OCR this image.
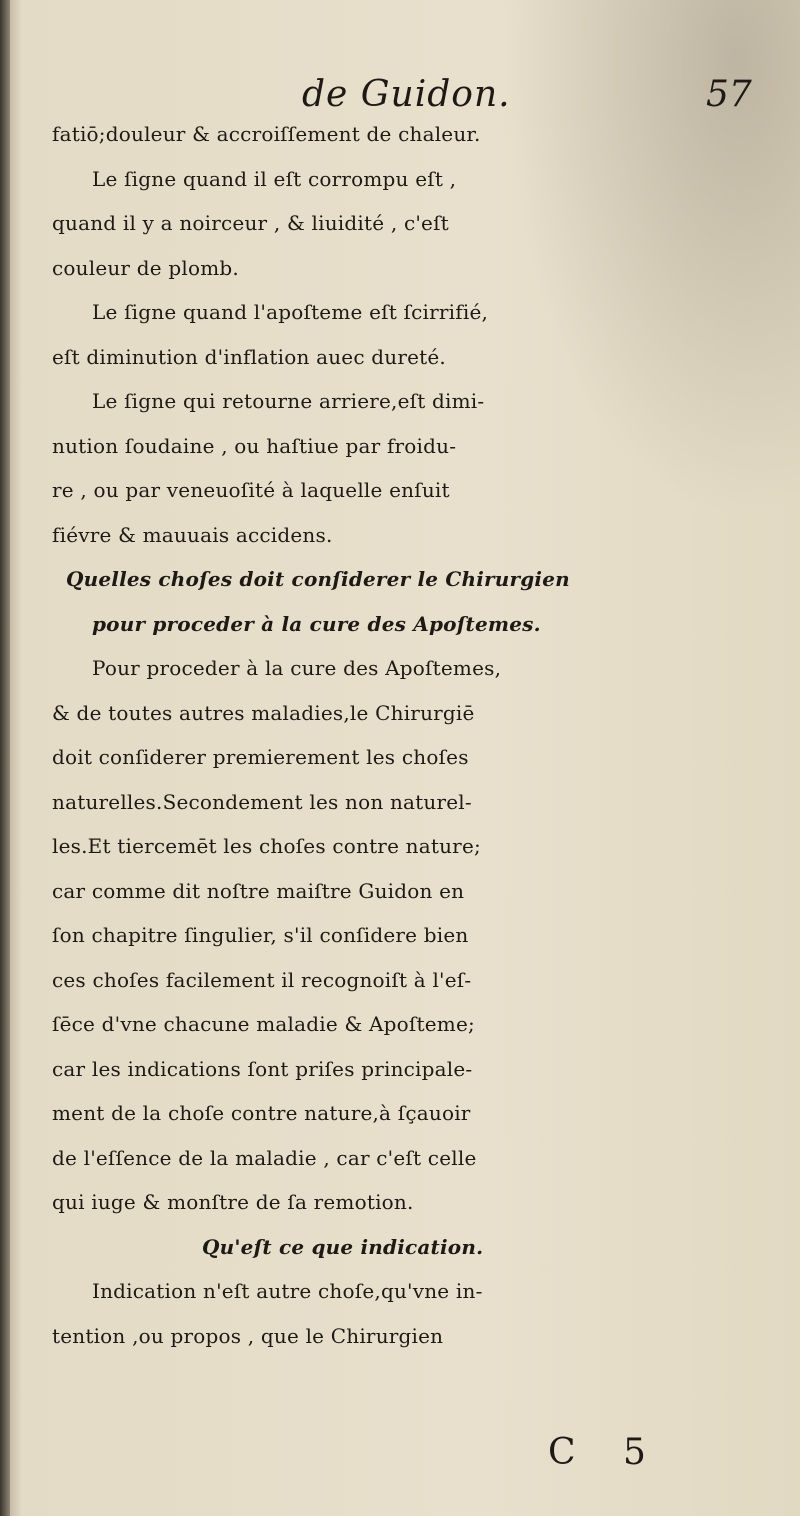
de Guidon.	57
fatiō;douleur & accroiſſement de chaleur.
Le ſigne quand il eſt corrompu eſt ,
quand il y a noirceur , & liuidité , c'eſt
couleur de plomb.
Le ſigne quand l'apoſteme eſt ſcirrifié,
eſt diminution d'inflation auec dureté.
Le ſigne qui retourne arriere,eſt dimi-
nution ſoudaine , ou haſtiue par froidu-
re , ou par veneuoſité à laquelle enſuit
fiévre & mauuais accidens.
Quelles choſes doit conſiderer le Chirurgien
pour proceder à la cure des Apoſtemes.
Pour proceder à la cure des Apoſtemes,
& de toutes autres maladies,le Chirurgiē
doit conſiderer premierement les choſes
naturelles.Secondement les non naturel-
les.Et tiercemēt les choſes contre nature;
car comme dit noſtre maiſtre Guidon en
ſon chapitre ſingulier, s'il conſidere bien
ces choſes facilement il recognoiſt à l'eſ-
ſēce d'vne chacune maladie & Apoſteme;
car les indications ſont priſes principale-
ment de la choſe contre nature,à ſçauoir
de l'eſſence de la maladie , car c'eſt celle
qui iuge & monſtre de ſa remotion.
Qu'eſt ce que indication.
Indication n'eſt autre choſe,qu'vne in-
tention ,ou propos , que le Chirurgien
C 5
